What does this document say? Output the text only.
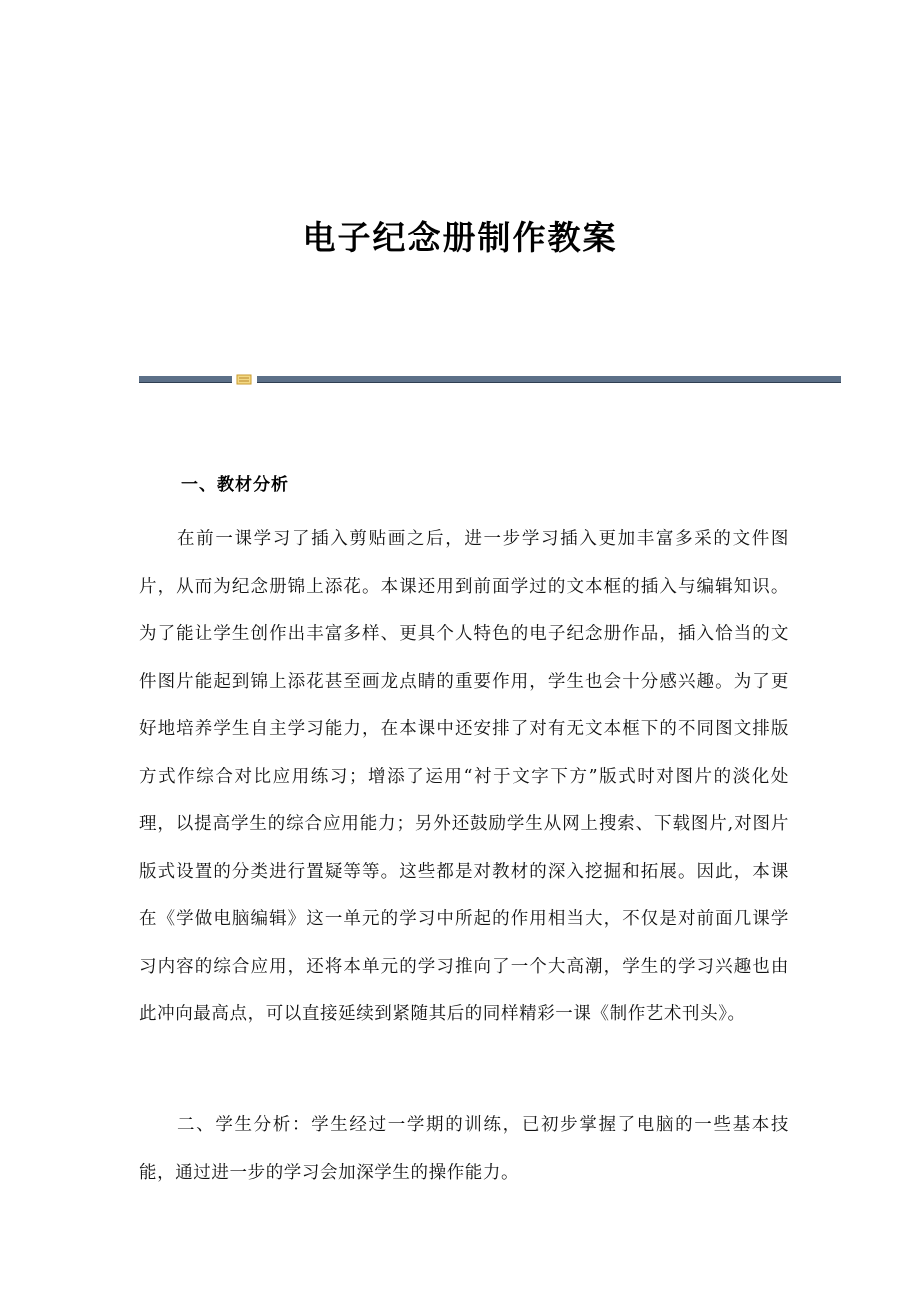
电子纪念册制作教案
一、教材分析

在前一课学习了插入剪贴画之后，进一步学习插入更加丰富多采的文件图片，从而为纪念册锦上添花。本课还用到前面学过的文本框的插入与编辑知识。为了能让学生创作出丰富多样、更具个人特色的电子纪念册作品，插入恰当的文件图片能起到锦上添花甚至画龙点睛的重要作用，学生也会十分感兴趣。为了更好地培养学生自主学习能力，在本课中还安排了对有无文本框下的不同图文排版方式作综合对比应用练习；增添了运用“衬于文字下方”版式时对图片的淡化处理，以提高学生的综合应用能力；另外还鼓励学生从网上搜索、下载图片,对图片版式设置的分类进行置疑等等。这些都是对教材的深入挖掘和拓展。因此，本课在《学做电脑编辑》这一单元的学习中所起的作用相当大，不仅是对前面几课学习内容的综合应用，还将本单元的学习推向了一个大高潮，学生的学习兴趣也由此冲向最高点，可以直接延续到紧随其后的同样精彩一课《制作艺术刊头》。

二、学生分析：学生经过一学期的训练，已初步掌握了电脑的一些基本技能，通过进一步的学习会加深学生的操作能力。
